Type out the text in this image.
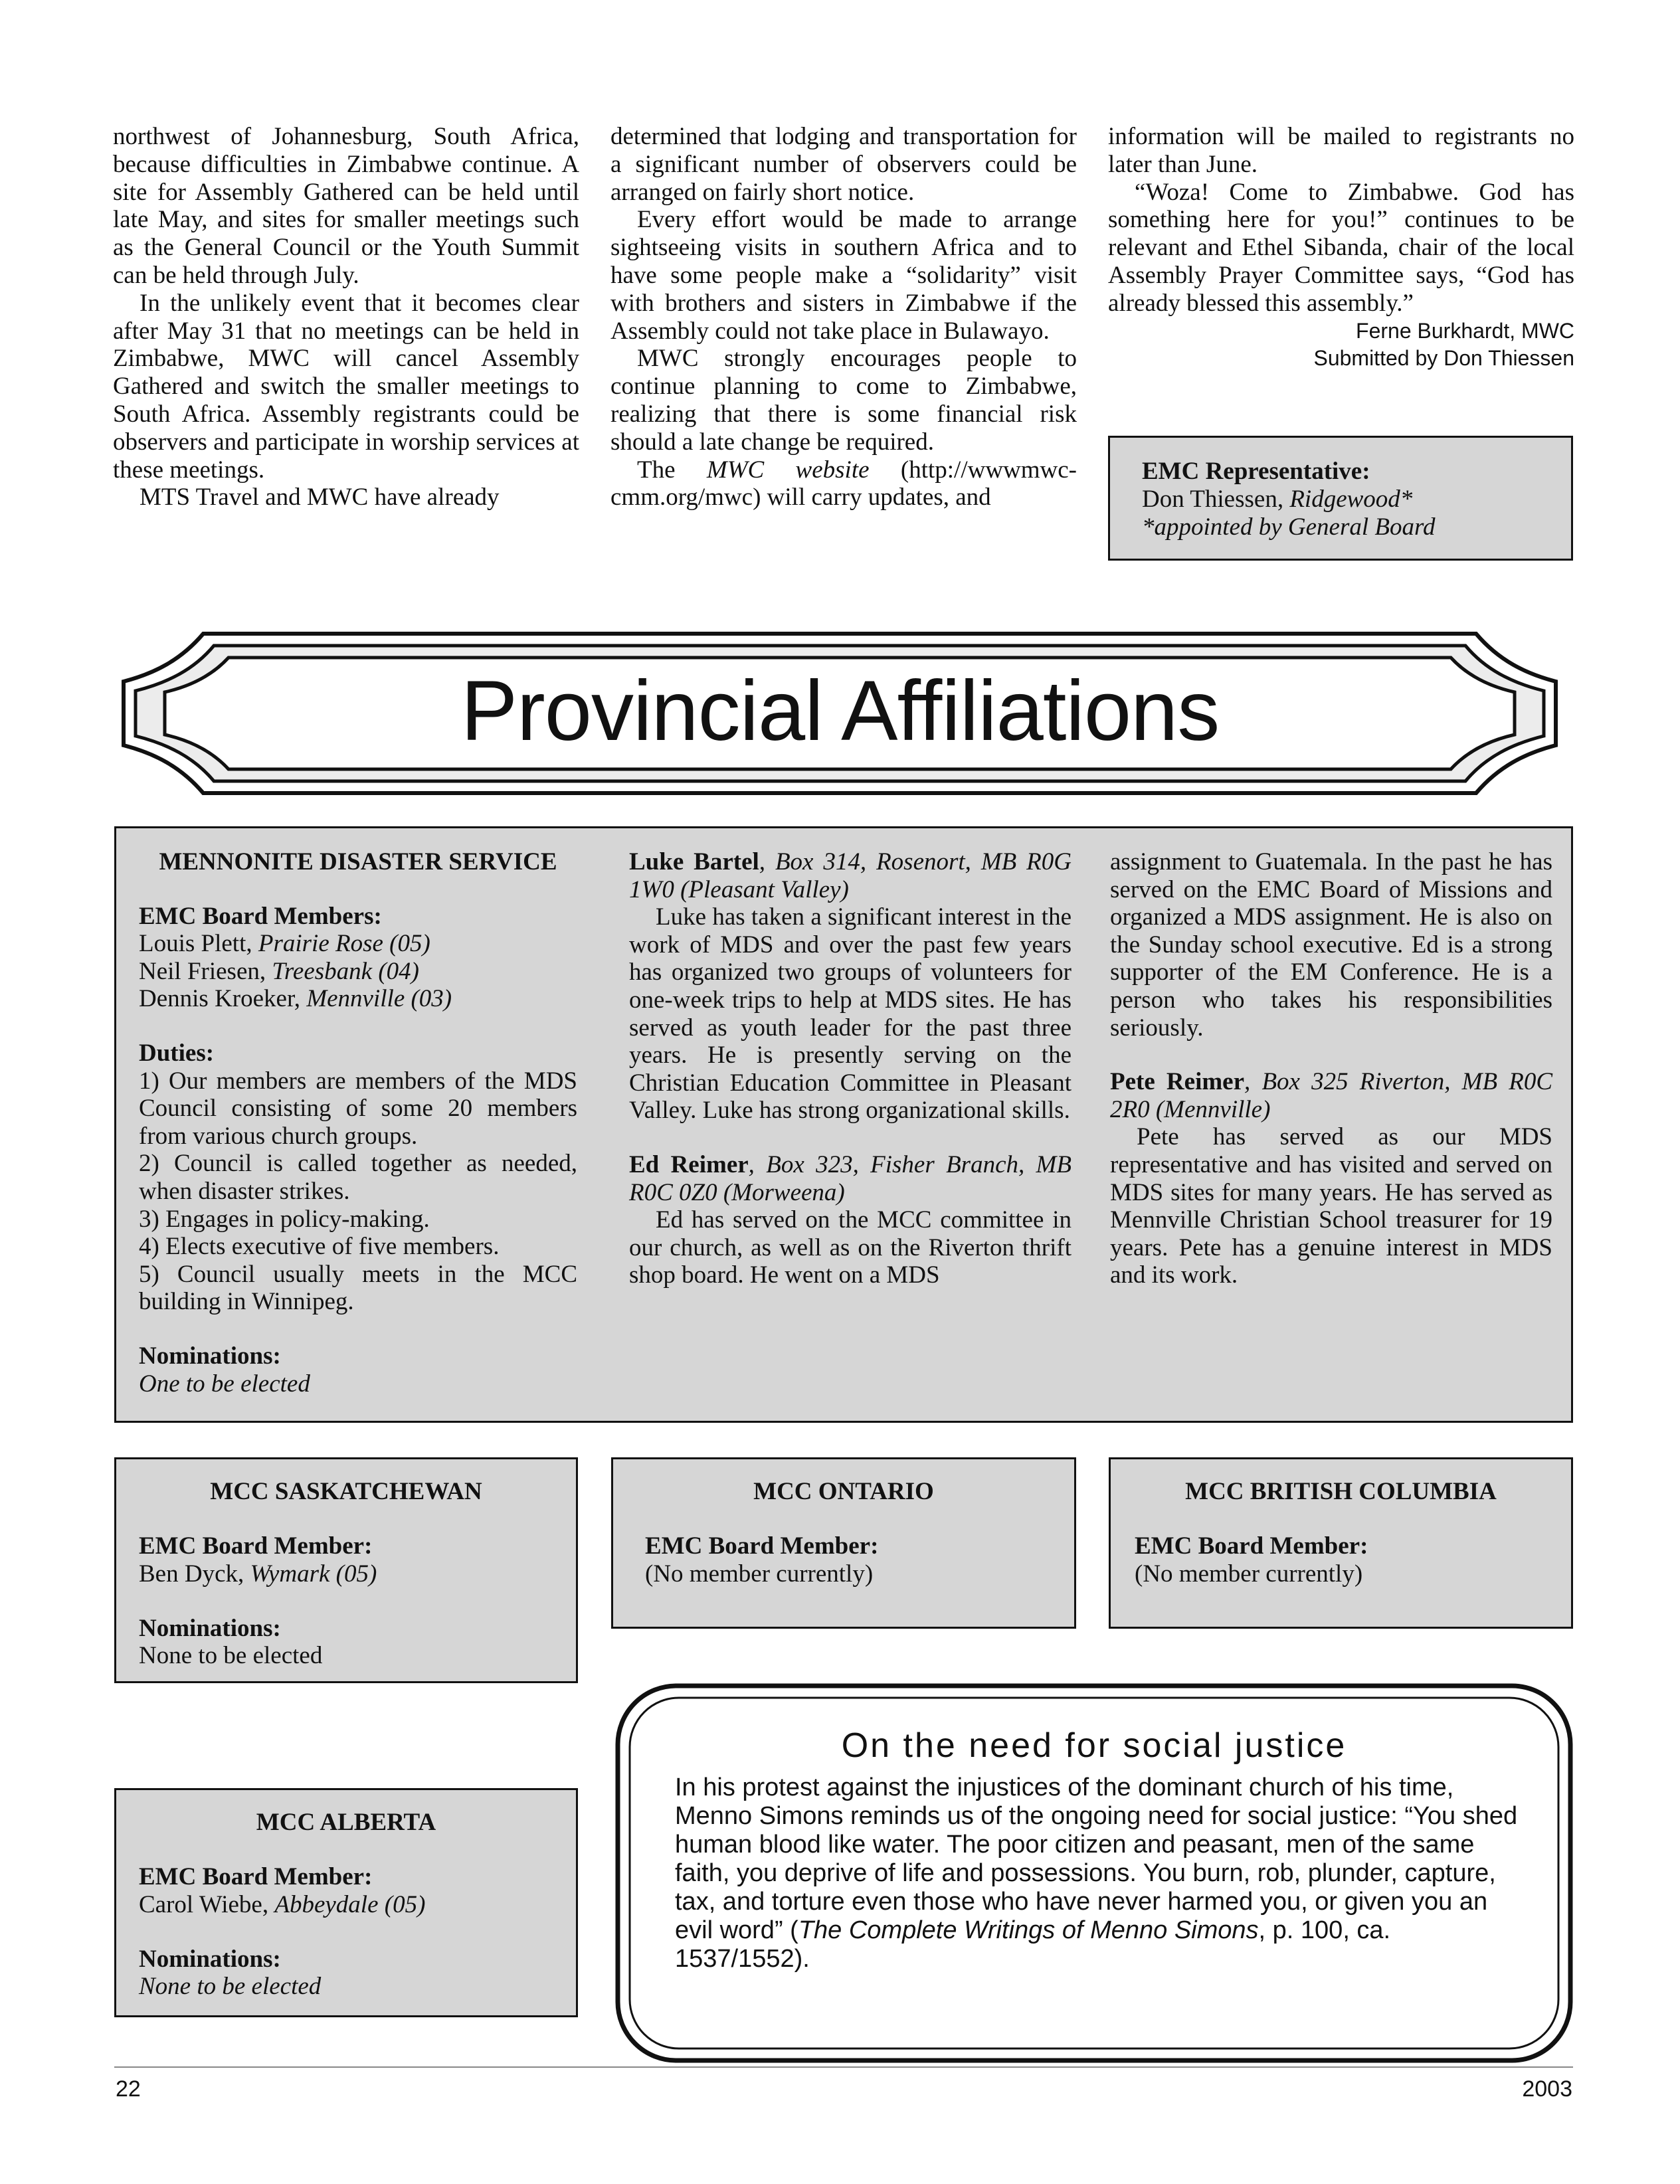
northwest of Johannesburg, South Africa, because difficulties in Zimbabwe continue. A site for Assembly Gathered can be held until late May, and sites for smaller meetings such as the General Council or the Youth Summit can be held through July.

In the unlikely event that it becomes clear after May 31 that no meetings can be held in Zimbabwe, MWC will cancel Assembly Gathered and switch the smaller meetings to South Africa. Assembly registrants could be observers and participate in worship services at these meetings.

MTS Travel and MWC have already

determined that lodging and transportation for a significant number of observers could be arranged on fairly short notice.

Every effort would be made to arrange sightseeing visits in southern Africa and to have some people make a “solidarity” visit with brothers and sisters in Zimbabwe if the Assembly could not take place in Bulawayo.

MWC strongly encourages people to continue planning to come to Zimbabwe, realizing that there is some financial risk should a late change be required.

The MWC website (http://wwwmwc-cmm.org/mwc) will carry updates, and

information will be mailed to registrants no later than June.

“Woza! Come to Zimbabwe. God has something here for you!” continues to be relevant and Ethel Sibanda, chair of the local Assembly Prayer Committee says, “God has already blessed this assembly.”

Ferne Burkhardt, MWC

Submitted by Don Thiessen

EMC Representative:
Don Thiessen, Ridgewood*
*appointed by General Board
Provincial Affiliations

MENNONITE DISASTER SERVICE

EMC Board Members:

Louis Plett, Prairie Rose (05)

Neil Friesen, Treesbank (04)

Dennis Kroeker, Mennville (03)

Duties:

1) Our members are members of the MDS Council consisting of some 20 members from various church groups.

2) Council is called together as needed, when disaster strikes.

3) Engages in policy-making.

4) Elects executive of five members.

5) Council usually meets in the MCC building in Winnipeg.

Nominations:

One to be elected

Luke Bartel, Box 314, Rosenort, MB R0G 1W0 (Pleasant Valley)

Luke has taken a significant interest in the work of MDS and over the past few years has organized two groups of volunteers for one-week trips to help at MDS sites. He has served as youth leader for the past three years. He is presently serving on the Christian Education Committee in Pleasant Valley. Luke has strong organizational skills.

Ed Reimer, Box 323, Fisher Branch, MB R0C 0Z0 (Morweena)

Ed has served on the MCC committee in our church, as well as on the Riverton thrift shop board. He went on a MDS

assignment to Guatemala. In the past he has served on the EMC Board of Missions and organized a MDS assignment. He is also on the Sunday school executive. Ed is a strong supporter of the EM Conference. He is a person who takes his responsibilities seriously.

Pete Reimer, Box 325 Riverton, MB R0C 2R0 (Mennville)

Pete has served as our MDS representative and has visited and served on MDS sites for many years. He has served as Mennville Christian School treasurer for 19 years. Pete has a genuine interest in MDS and its work.

MCC SASKATCHEWAN
EMC Board Member:
Ben Dyck, Wymark (05)
Nominations:
None to be elected
MCC ONTARIO
EMC Board Member:
(No member currently)
MCC BRITISH COLUMBIA
EMC Board Member:
(No member currently)
MCC ALBERTA
EMC Board Member:
Carol Wiebe, Abbeydale (05)
Nominations:
None to be elected
On the need for social justice
In his protest against the injustices of the dominant church of his time, Menno Simons reminds us of the ongoing need for social justice: “You shed human blood like water. The poor citizen and peasant, men of the same faith, you deprive of life and possessions. You burn, rob, plunder, capture, tax, and torture even those who have never harmed you, or given you an evil word” (The Complete Writings of Menno Simons, p. 100, ca. 1537/1552).
22	2003
